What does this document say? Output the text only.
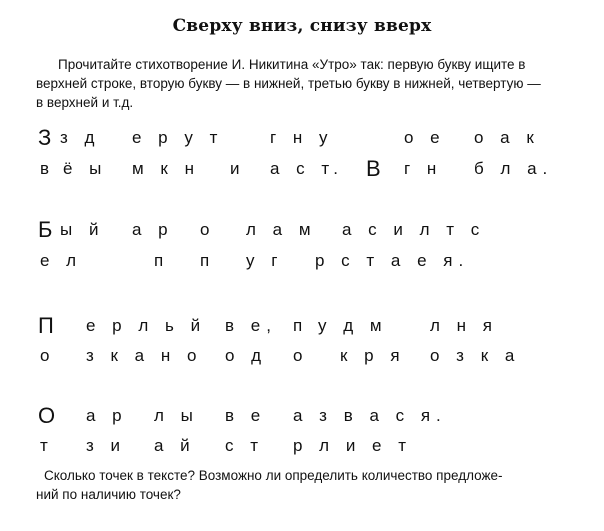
Сверху вниз, снизу вверх

Прочитайте стихотворение И. Никитина «Утро» так: первую букву ищите в
верхней строке, вторую букву — в нижней, третью букву в нижней, четвертую —
в верхней и т.д.

З з д е р у т	г н у	о е о а к
в ё ы м к н и а с т. В г н б л а.
Б ы й а р о л а м а с и л т с
е л	п п у г р с т а е я.
П е р л ь й в е, п у д м л н я
о з к а н о о д о к р я о з к а
О а р л ы в е а з в а с я.
т з и а й с т р л и е т

Сколько точек в тексте? Возможно ли определить количество предложе-
ний по наличию точек?
